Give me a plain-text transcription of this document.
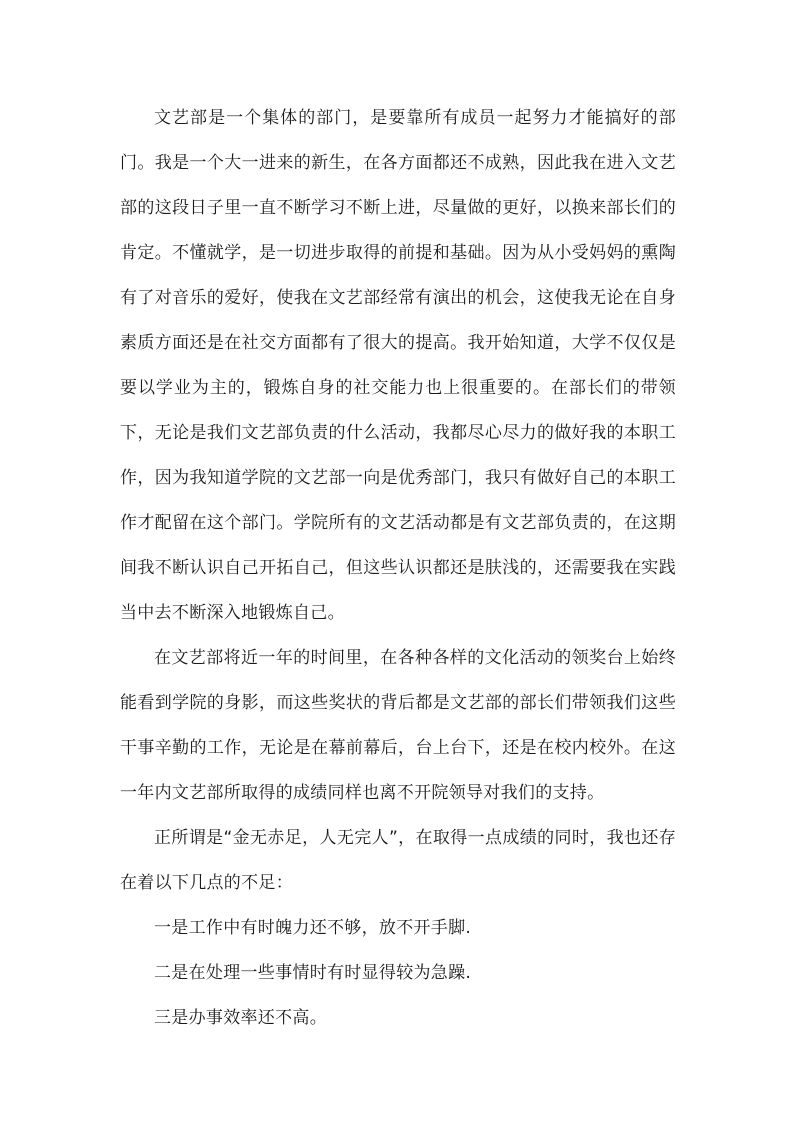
文艺部是一个集体的部门，是要靠所有成员一起努力才能搞好的部门。我是一个大一进来的新生，在各方面都还不成熟，因此我在进入文艺部的这段日子里一直不断学习不断上进，尽量做的更好，以换来部长们的肯定。不懂就学，是一切进步取得的前提和基础。因为从小受妈妈的熏陶有了对音乐的爱好，使我在文艺部经常有演出的机会，这使我无论在自身素质方面还是在社交方面都有了很大的提高。我开始知道，大学不仅仅是要以学业为主的，锻炼自身的社交能力也上很重要的。在部长们的带领下，无论是我们文艺部负责的什么活动，我都尽心尽力的做好我的本职工作，因为我知道学院的文艺部一向是优秀部门，我只有做好自己的本职工作才配留在这个部门。学院所有的文艺活动都是有文艺部负责的，在这期间我不断认识自己开拓自己，但这些认识都还是肤浅的，还需要我在实践当中去不断深入地锻炼自己。

在文艺部将近一年的时间里，在各种各样的文化活动的领奖台上始终能看到学院的身影，而这些奖状的背后都是文艺部的部长们带领我们这些干事辛勤的工作，无论是在幕前幕后，台上台下，还是在校内校外。在这一年内文艺部所取得的成绩同样也离不开院领导对我们的支持。

正所谓是“金无赤足，人无完人”，在取得一点成绩的同时，我也还存在着以下几点的不足：

一是工作中有时魄力还不够，放不开手脚.

二是在处理一些事情时有时显得较为急躁.

三是办事效率还不高。
